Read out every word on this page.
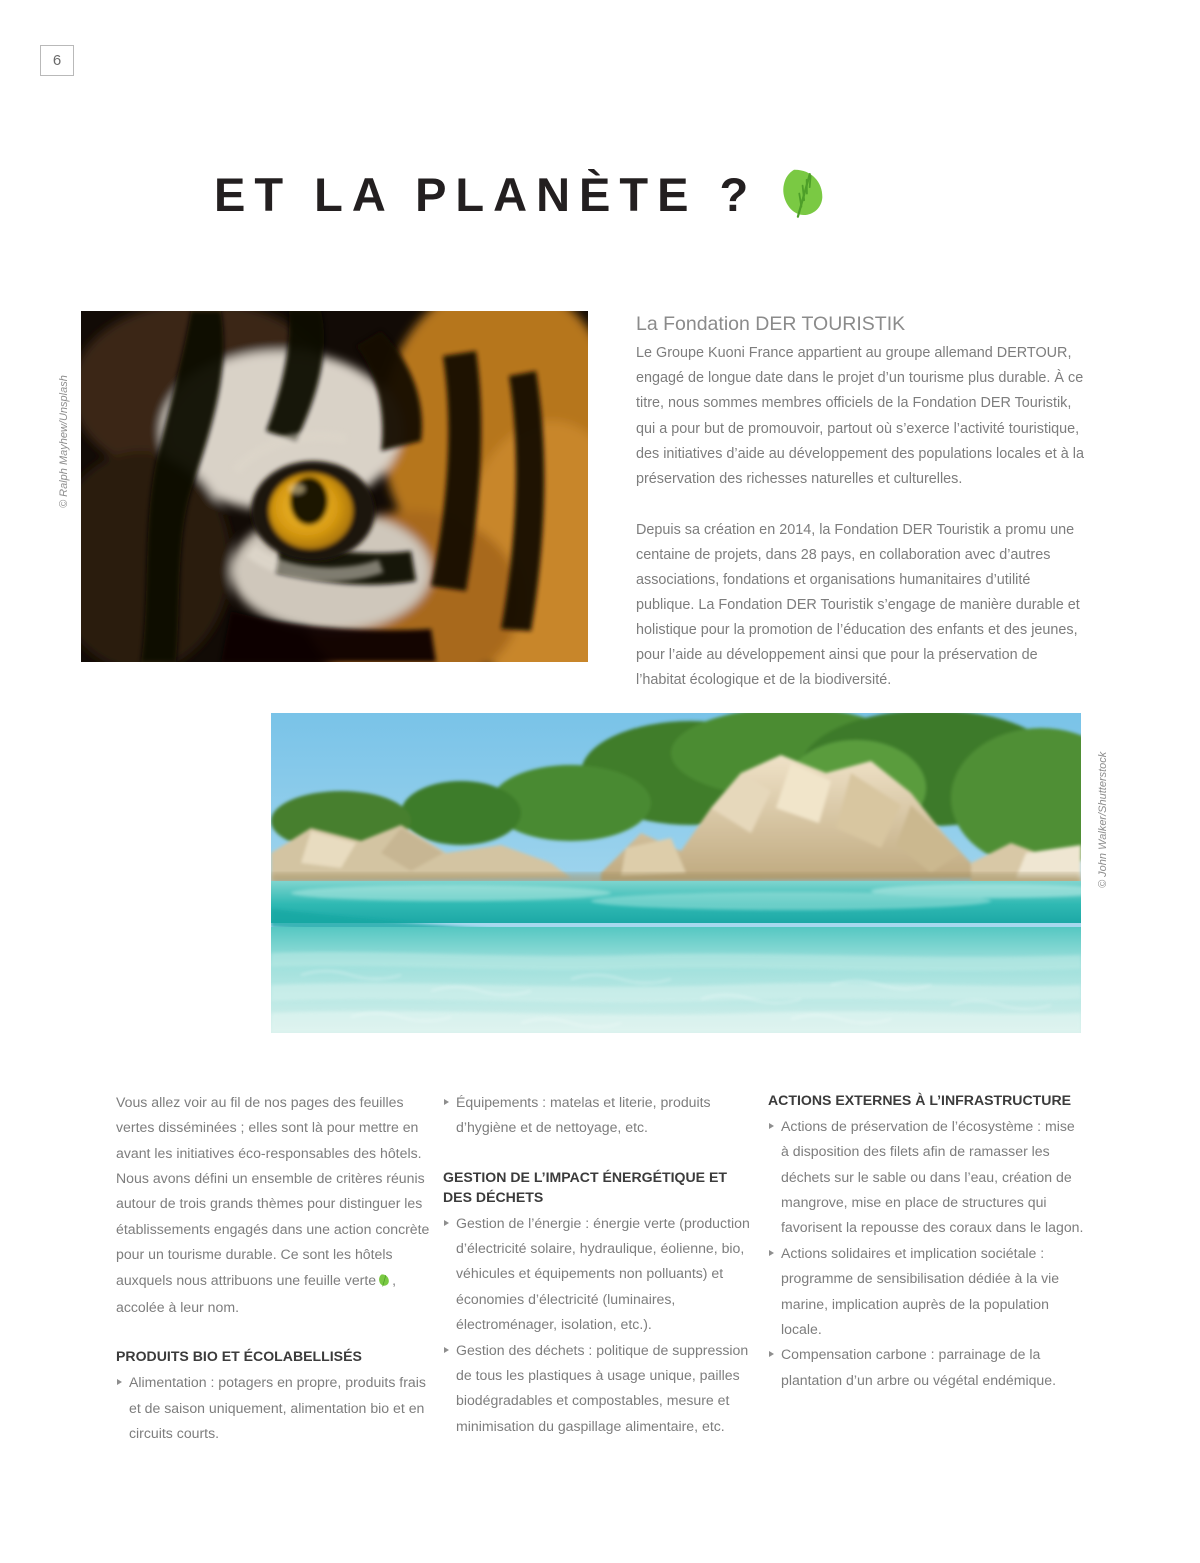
6
ET LA PLANÈTE ?
© Ralph Mayhew/Unsplash
La Fondation DER TOURISTIK

Le Groupe Kuoni France appartient au groupe allemand DERTOUR, engagé de longue date dans le projet d’un tourisme plus durable. À ce titre, nous sommes membres officiels de la Fondation DER Touristik, qui a pour but de promouvoir, partout où s’exerce l’activité touristique, des initiatives d’aide au développement des populations locales et à la préservation des richesses naturelles et culturelles.

Depuis sa création en 2014, la Fondation DER Touristik a promu une centaine de projets, dans 28 pays, en collaboration avec d’autres associations, fondations et organisations humanitaires d’utilité publique. La Fondation DER Touristik s’engage de manière durable et holistique pour la promotion de l’éducation des enfants et des jeunes, pour l’aide au développement ainsi que pour la préservation de l’habitat écologique et de la biodiversité.

© John Walker/Shutterstock

Vous allez voir au fil de nos pages des feuilles vertes disséminées ; elles sont là pour mettre en avant les initiatives éco-responsables des hôtels. Nous avons défini un ensemble de critères réunis autour de trois grands thèmes pour distinguer les établissements engagés dans une action concrète pour un tourisme durable. Ce sont les hôtels auxquels nous attribuons une feuille verte , accolée à leur nom.

PRODUITS BIO ET ÉCOLABELLISÉS
Alimentation : potagers en propre, produits frais et de saison uniquement, alimentation bio et en circuits courts.
Équipements : matelas et literie, produits d’hygiène et de nettoyage, etc.
GESTION DE L’IMPACT ÉNERGÉTIQUE ET DES DÉCHETS
Gestion de l’énergie : énergie verte (production d’électricité solaire, hydraulique, éolienne, bio, véhicules et équipements non polluants) et économies d’électricité (luminaires, électroménager, isolation, etc.).
Gestion des déchets : politique de suppression de tous les plastiques à usage unique, pailles biodégradables et compostables, mesure et minimisation du gaspillage alimentaire, etc.
ACTIONS EXTERNES À L’INFRASTRUCTURE
Actions de préservation de l’écosystème : mise à disposition des filets afin de ramasser les déchets sur le sable ou dans l’eau, création de mangrove, mise en place de structures qui favorisent la repousse des coraux dans le lagon.
Actions solidaires et implication sociétale : programme de sensibilisation dédiée à la vie marine, implication auprès de la population locale.
Compensation carbone : parrainage de la plantation d’un arbre ou végétal endémique.
